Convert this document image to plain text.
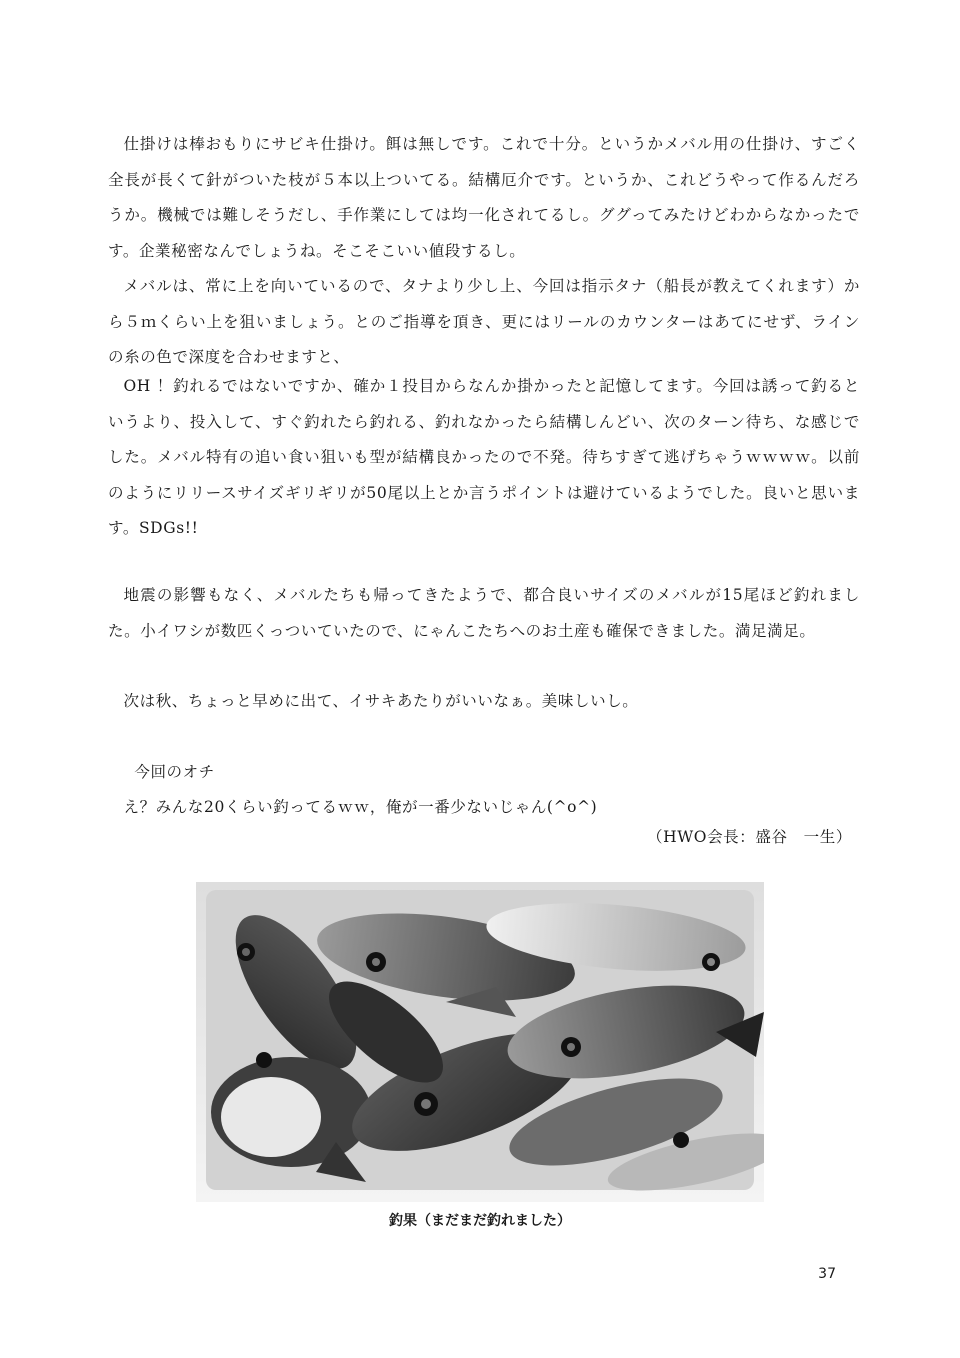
仕掛けは棒おもりにサビキ仕掛け。餌は無しです。これで十分。というかメバル用の仕掛け、すごく全長が長くて針がついた枝が５本以上ついてる。結構厄介です。というか、これどうやって作るんだろうか。機械では難しそうだし、手作業にしては均一化されてるし。ググってみたけどわからなかったです。企業秘密なんでしょうね。そこそこいい値段するし。

メバルは、常に上を向いているので、タナより少し上、今回は指示タナ（船長が教えてくれます）から５ｍくらい上を狙いましょう。とのご指導を頂き、更にはリールのカウンターはあてにせず、ラインの糸の色で深度を合わせますと、

OH ！釣れるではないですか、確か１投目からなんか掛かったと記憶してます。今回は誘って釣るというより、投入して、すぐ釣れたら釣れる、釣れなかったら結構しんどい、次のターン待ち、な感じでした。メバル特有の追い食い狙いも型が結構良かったので不発。待ちすぎて逃げちゃうｗｗｗｗ。以前のようにリリースサイズギリギリが50尾以上とか言うポイントは避けているようでした。良いと思います。SDGs!!

地震の影響もなく、メバルたちも帰ってきたようで、都合良いサイズのメバルが15尾ほど釣れました。小イワシが数匹くっついていたので、にゃんこたちへのお土産も確保できました。満足満足。

次は秋、ちょっと早めに出て、イサキあたりがいいなぁ。美味しいし。

今回のオチ

え？みんな20くらい釣ってるｗｗ，俺が一番少ないじゃん(^o^)

（HWO会長：盛谷　一生）
釣果（まだまだ釣れました）
37
